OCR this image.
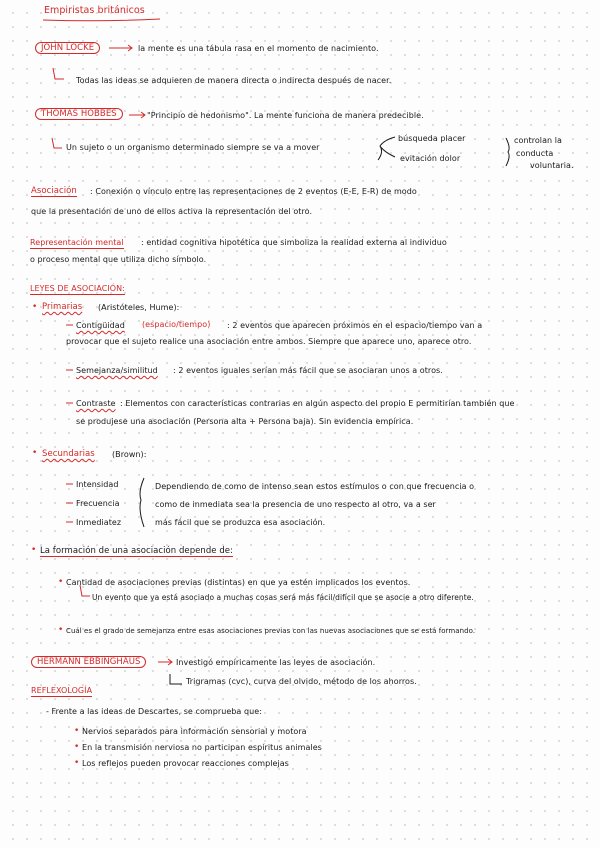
Empiristas británicos
JOHN LOCKE	la mente es una tábula rasa en el momento de nacimiento.
Todas las ideas se adquieren de manera directa o indirecta después de nacer.
THOMAS HOBBES	"Principio de hedonismo". La mente funciona de manera predecible.
Un sujeto o un organismo determinado siempre se va a mover
búsqueda placer
evitación dolor
controlan la
conducta
voluntaria.
Asociación : Conexión o vínculo entre las representaciones de 2 eventos (E-E, E-R) de modo
que la presentación de uno de ellos activa la representación del otro.
Representación mental : entidad cognitiva hipotética que simboliza la realidad externa al individuo
o proceso mental que utiliza dicho símbolo.
LEYES DE ASOCIACIÓN:
• Primarias (Aristóteles, Hume):
Contigüidad (espacio/tiempo) : 2 eventos que aparecen próximos en el espacio/tiempo van a
provocar que el sujeto realice una asociación entre ambos. Siempre que aparece uno, aparece otro.
Semejanza/similitud : 2 eventos iguales serían más fácil que se asociaran unos a otros.
Contraste : Elementos con características contrarias en algún aspecto del propio E permitirían también que
se produjese una asociación (Persona alta + Persona baja). Sin evidencia empírica.
• Secundarias (Brown):
Intensidad
Frecuencia
Inmediatez
Dependiendo de como de intenso sean estos estímulos o con que frecuencia o
como de inmediata sea la presencia de uno respecto al otro, va a ser
más fácil que se produzca esa asociación.
• La formación de una asociación depende de:
• Cantidad de asociaciones previas (distintas) en que ya estén implicados los eventos.
Un evento que ya está asociado a muchas cosas será más fácil/difícil que se asocie a otro diferente.
• Cuál es el grado de semejanza entre esas asociaciones previas con las nuevas asociaciones que se está formando.
HERMANN EBBINGHAUS	Investigó empíricamente las leyes de asociación.
Trigramas (cvc), curva del olvido, método de los ahorros.
REFLEXOLOGÍA
- Frente a las ideas de Descartes, se comprueba que:
• Nervios separados para información sensorial y motora
• En la transmisión nerviosa no participan espíritus animales
• Los reflejos pueden provocar reacciones complejas
